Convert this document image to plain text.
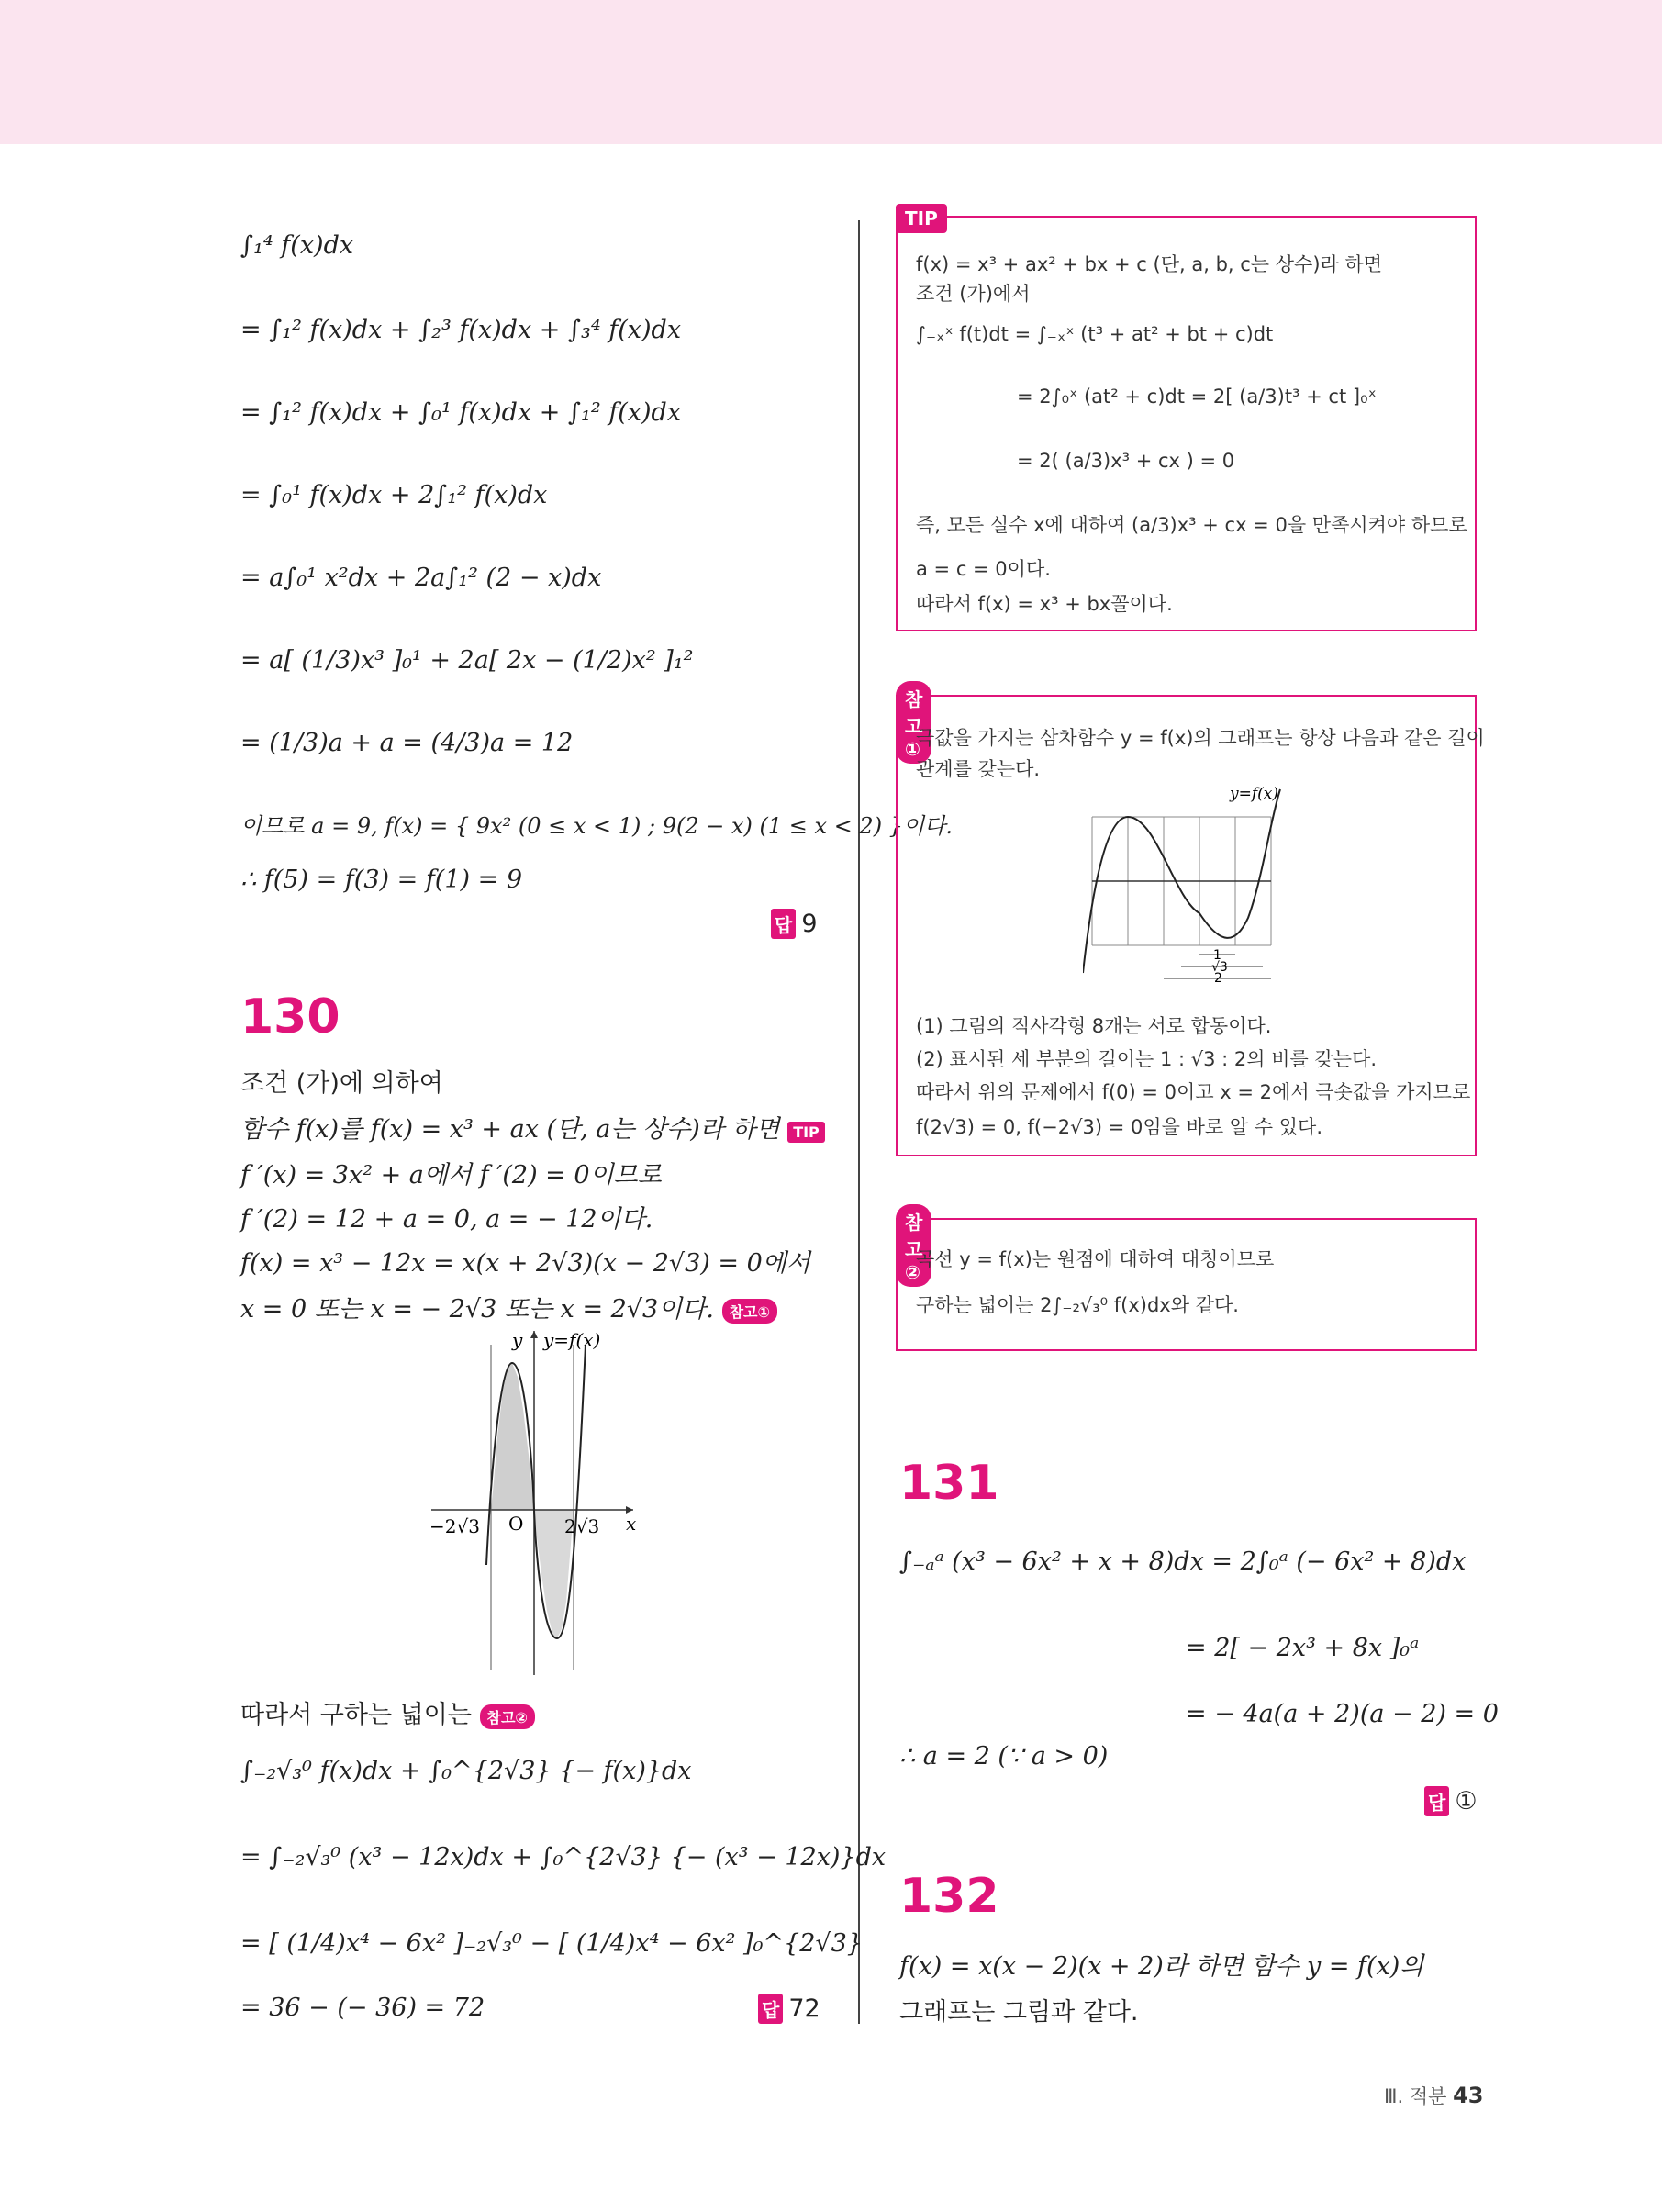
∫₁⁴ f(x)dx
= ∫₁² f(x)dx + ∫₂³ f(x)dx + ∫₃⁴ f(x)dx
= ∫₁² f(x)dx + ∫₀¹ f(x)dx + ∫₁² f(x)dx
= ∫₀¹ f(x)dx + 2∫₁² f(x)dx
= a∫₀¹ x²dx + 2a∫₁² (2 − x)dx
= a[ (1/3)x³ ]₀¹ + 2a[ 2x − (1/2)x² ]₁²
= (1/3)a + a = (4/3)a = 12
이므로 a = 9, f(x) = { 9x² (0 ≤ x < 1) ; 9(2 − x) (1 ≤ x < 2) }이다.
∴ f(5) = f(3) = f(1) = 9
답 9
130
조건 (가)에 의하여
함수 f(x)를 f(x) = x³ + ax (단, a는 상수)라 하면 TIP
f ′(x) = 3x² + a에서 f ′(2) = 0이므로
f ′(2) = 12 + a = 0, a = − 12이다.
f(x) = x³ − 12x = x(x + 2√3)(x − 2√3) = 0에서
x = 0 또는 x = − 2√3 또는 x = 2√3이다. 참고①
y y=f(x)
−2√3 O 2√3 x
따라서 구하는 넓이는 참고②
∫₋₂√₃⁰ f(x)dx + ∫₀^{2√3} {− f(x)}dx
= ∫₋₂√₃⁰ (x³ − 12x)dx + ∫₀^{2√3} {− (x³ − 12x)}dx
= [ (1/4)x⁴ − 6x² ]₋₂√₃⁰ − [ (1/4)x⁴ − 6x² ]₀^{2√3}
= 36 − (− 36) = 72	답 72
TIP
f(x) = x³ + ax² + bx + c (단, a, b, c는 상수)라 하면
조건 (가)에서
∫₋ₓˣ f(t)dt = ∫₋ₓˣ (t³ + at² + bt + c)dt
= 2∫₀ˣ (at² + c)dt = 2[ (a/3)t³ + ct ]₀ˣ
= 2( (a/3)x³ + cx ) = 0
즉, 모든 실수 x에 대하여 (a/3)x³ + cx = 0을 만족시켜야 하므로
a = c = 0이다.
따라서 f(x) = x³ + bx꼴이다.
참고①
극값을 가지는 삼차함수 y = f(x)의 그래프는 항상 다음과 같은 길이
관계를 갖는다.
y=f(x)
1
√3
2
(1) 그림의 직사각형 8개는 서로 합동이다.
(2) 표시된 세 부분의 길이는 1 : √3 : 2의 비를 갖는다.
따라서 위의 문제에서 f(0) = 0이고 x = 2에서 극솟값을 가지므로
f(2√3) = 0, f(−2√3) = 0임을 바로 알 수 있다.
참고②
곡선 y = f(x)는 원점에 대하여 대칭이므로
구하는 넓이는 2∫₋₂√₃⁰ f(x)dx와 같다.
131
∫₋ₐᵃ (x³ − 6x² + x + 8)dx = 2∫₀ᵃ (− 6x² + 8)dx
= 2[ − 2x³ + 8x ]₀ᵃ
= − 4a(a + 2)(a − 2) = 0
∴ a = 2 (∵ a > 0)
답 ①
132
f(x) = x(x − 2)(x + 2)라 하면 함수 y = f(x)의
그래프는 그림과 같다.
Ⅲ. 적분 43
